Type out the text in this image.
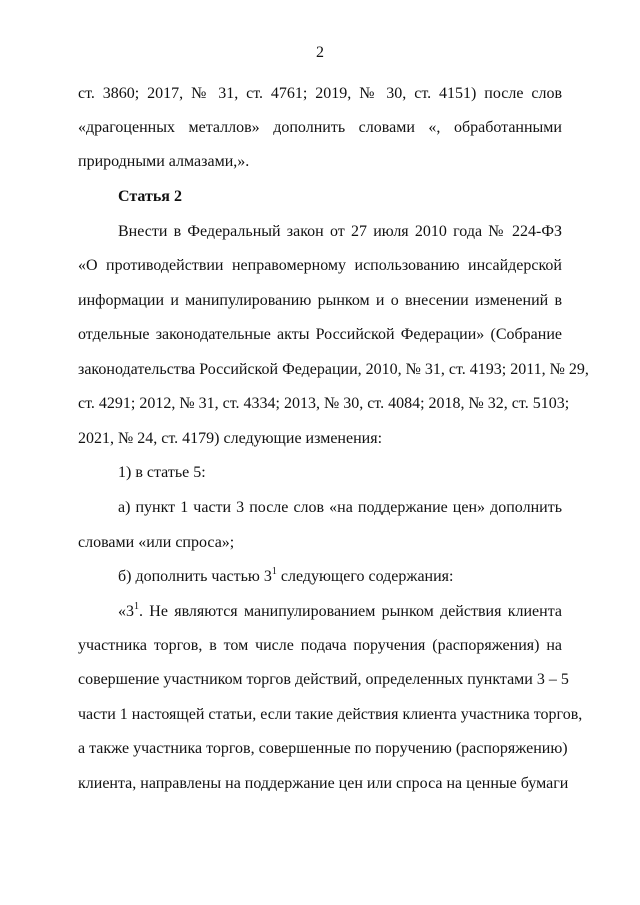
2
ст. 3860; 2017, № 31, ст. 4761; 2019, № 30, ст. 4151) после слов
«драгоценных металлов» дополнить словами «, обработанными
природными алмазами,».
Статья 2
Внести в Федеральный закон от 27 июля 2010 года № 224-ФЗ
«О противодействии неправомерному использованию инсайдерской
информации и манипулированию рынком и о внесении изменений в
отдельные законодательные акты Российской Федерации» (Собрание
законодательства Российской Федерации, 2010, № 31, ст. 4193; 2011, № 29,
ст. 4291; 2012, № 31, ст. 4334; 2013, № 30, ст. 4084; 2018, № 32, ст. 5103;
2021, № 24, ст. 4179) следующие изменения:
1) в статье 5:
а) пункт 1 части 3 после слов «на поддержание цен» дополнить
словами «или спроса»;
б) дополнить частью $3^1$ следующего содержания:
«$3^1$. Не являются манипулированием рынком действия клиента
участника торгов, в том числе подача поручения (распоряжения) на
совершение участником торгов действий, определенных пунктами 3 – 5
части 1 настоящей статьи, если такие действия клиента участника торгов,
а также участника торгов, совершенные по поручению (распоряжению)
клиента, направлены на поддержание цен или спроса на ценные бумаги
